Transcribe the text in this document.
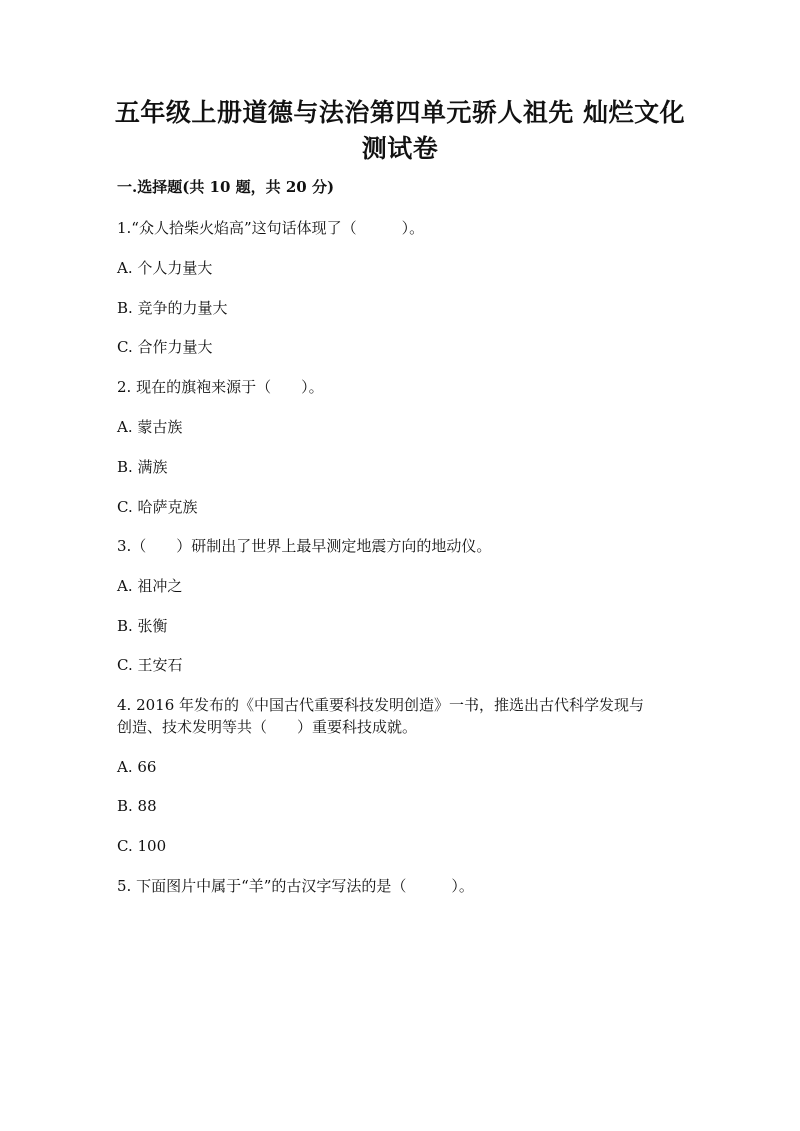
五年级上册道德与法治第四单元骄人祖先 灿烂文化
测试卷
一.选择题(共 10 题，共 20 分)
1.“众人拾柴火焰高”这句话体现了（　　　）。
A. 个人力量大
B. 竞争的力量大
C. 合作力量大
2. 现在的旗袍来源于（　　）。
A. 蒙古族
B. 满族
C. 哈萨克族
3.（　　）研制出了世界上最早测定地震方向的地动仪。
A. 祖冲之
B. 张衡
C. 王安石
4. 2016 年发布的《中国古代重要科技发明创造》一书，推选出古代科学发现与
创造、技术发明等共（　　）重要科技成就。
A. 66
B. 88
C. 100
5. 下面图片中属于“羊”的古汉字写法的是（　　　）。
